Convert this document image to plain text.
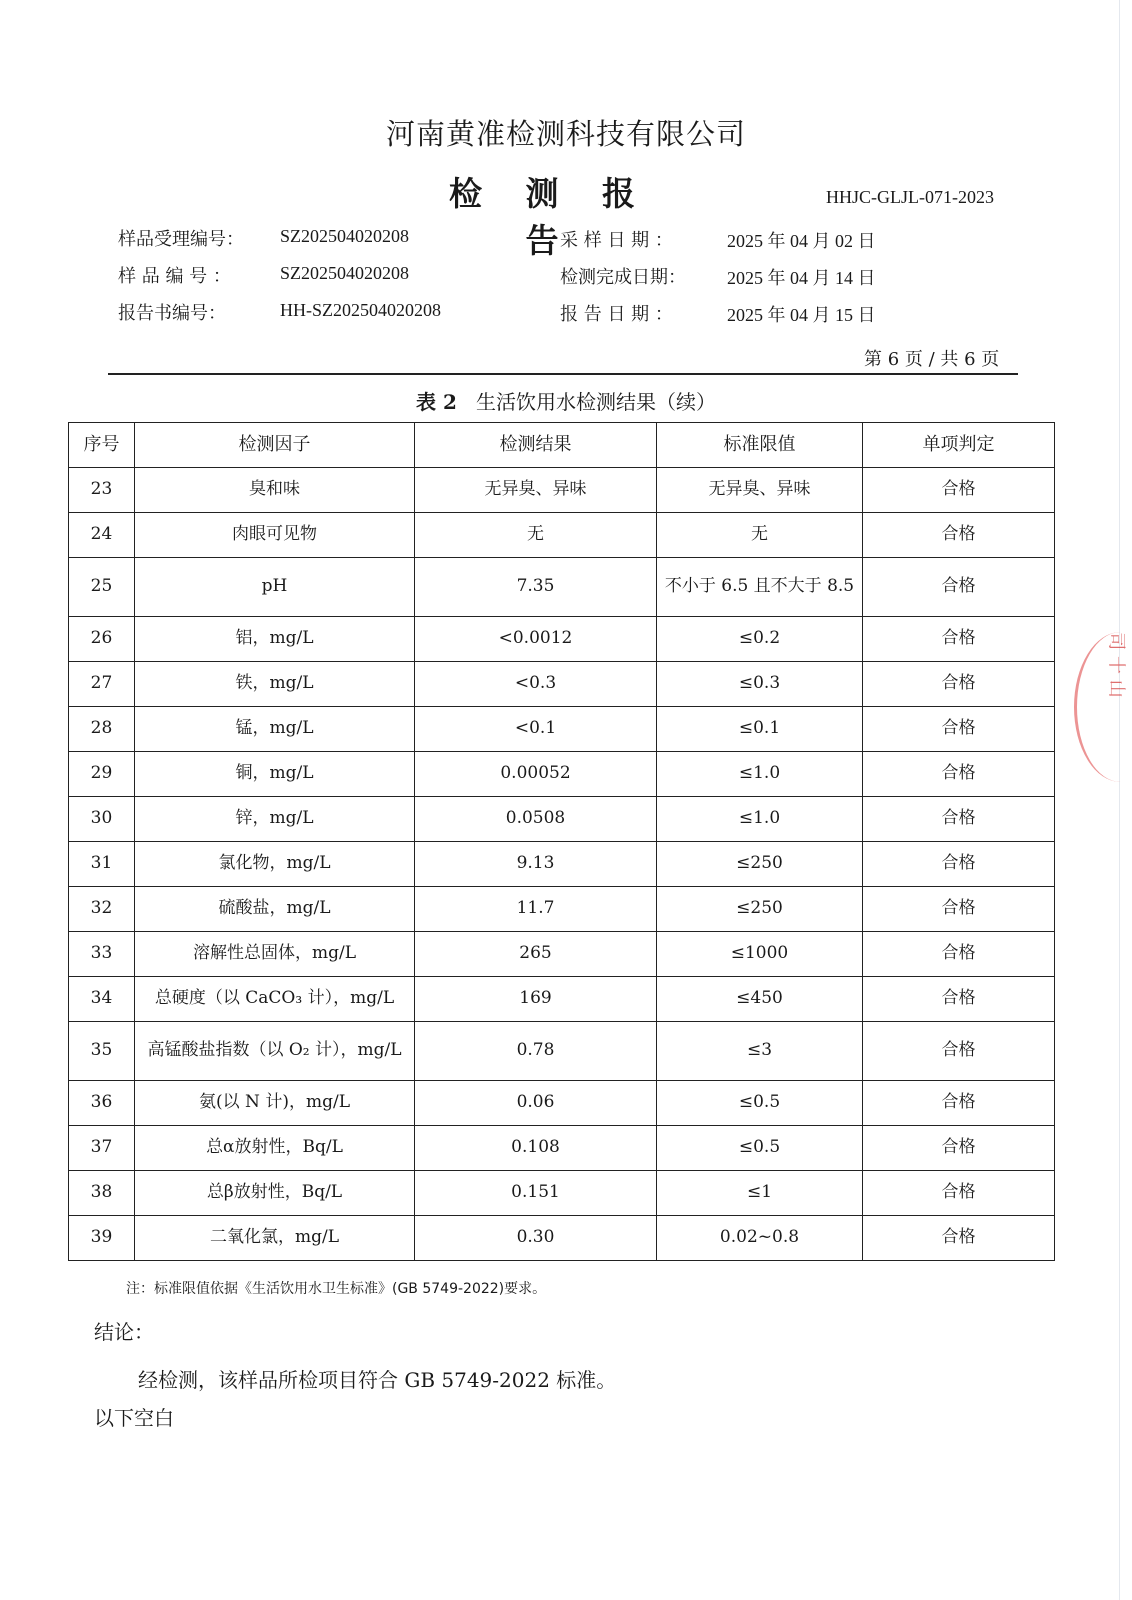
河南黄准检测科技有限公司
检 测 报 告
HHJC-GLJL-071-2023
样品受理编号： SZ202504020208
样 品 编 号 ：	SZ202504020208
报告书编号：	HH-SZ202504020208
采 样 日 期 ：	2025 年 04 月 02 日
检测完成日期： 2025 年 04 月 14 日
报 告 日 期 ：	2025 年 04 月 15 日
第 6 页 / 共 6 页
表 2 生活饮用水检测结果（续）
序号	检测因子	检测结果	标准限值	单项判定
23	臭和味	无异臭、异味	无异臭、异味	合格
24	肉眼可见物	无	无	合格
25	pH	7.35	不小于 6.5 且不大于 8.5	合格
26	铝，mg/L	<0.0012	≤0.2	合格
27	铁，mg/L	<0.3	≤0.3	合格
28	锰，mg/L	<0.1	≤0.1	合格
29	铜，mg/L	0.00052	≤1.0	合格
30	锌，mg/L	0.0508	≤1.0	合格
31	氯化物，mg/L	9.13	≤250	合格
32	硫酸盐，mg/L	11.7	≤250	合格
33	溶解性总固体，mg/L	265	≤1000	合格
34	总硬度（以 CaCO₃ 计），mg/L	169	≤450	合格
35	高锰酸盐指数（以 O₂ 计），mg/L	0.78	≤3	合格
36	氨(以 N 计)，mg/L	0.06	≤0.5	合格
37	总α放射性，Bq/L	0.108	≤0.5	合格
38	总β放射性，Bq/L	0.151	≤1	合格
39	二氧化氯，mg/L	0.30	0.02~0.8	合格
注：标准限值依据《生活饮用水卫生标准》(GB 5749-2022)要求。
结论：
经检测，该样品所检项目符合 GB 5749-2022 标准。
以下空白
司 十 山
